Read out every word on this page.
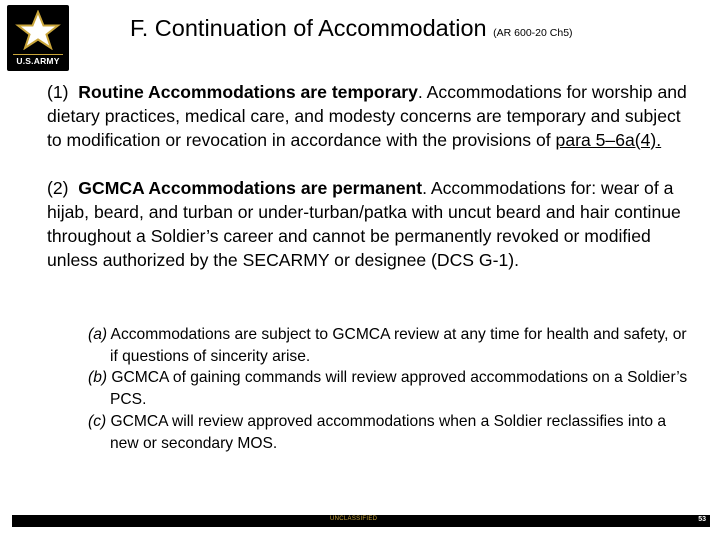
U.S.ARMY
F. Continuation of Accommodation (AR 600-20 Ch5)

(1) Routine Accommodations are temporary. Accommodations for worship and dietary practices, medical care, and modesty concerns are temporary and subject to modification or revocation in accordance with the provisions of para 5–6a(4).

(2) GCMCA Accommodations are permanent. Accommodations for: wear of a hijab, beard, and turban or under-turban/patka with uncut beard and hair continue throughout a Soldier’s career and cannot be permanently revoked or modified unless authorized by the SECARMY or designee (DCS G-1).

(a) Accommodations are subject to GCMCA review at any time for health and safety, or if questions of sincerity arise.

(b) GCMCA of gaining commands will review approved accommodations on a Soldier’s PCS.

(c) GCMCA will review approved accommodations when a Soldier reclassifies into a new or secondary MOS.

UNCLASSIFIED	53
